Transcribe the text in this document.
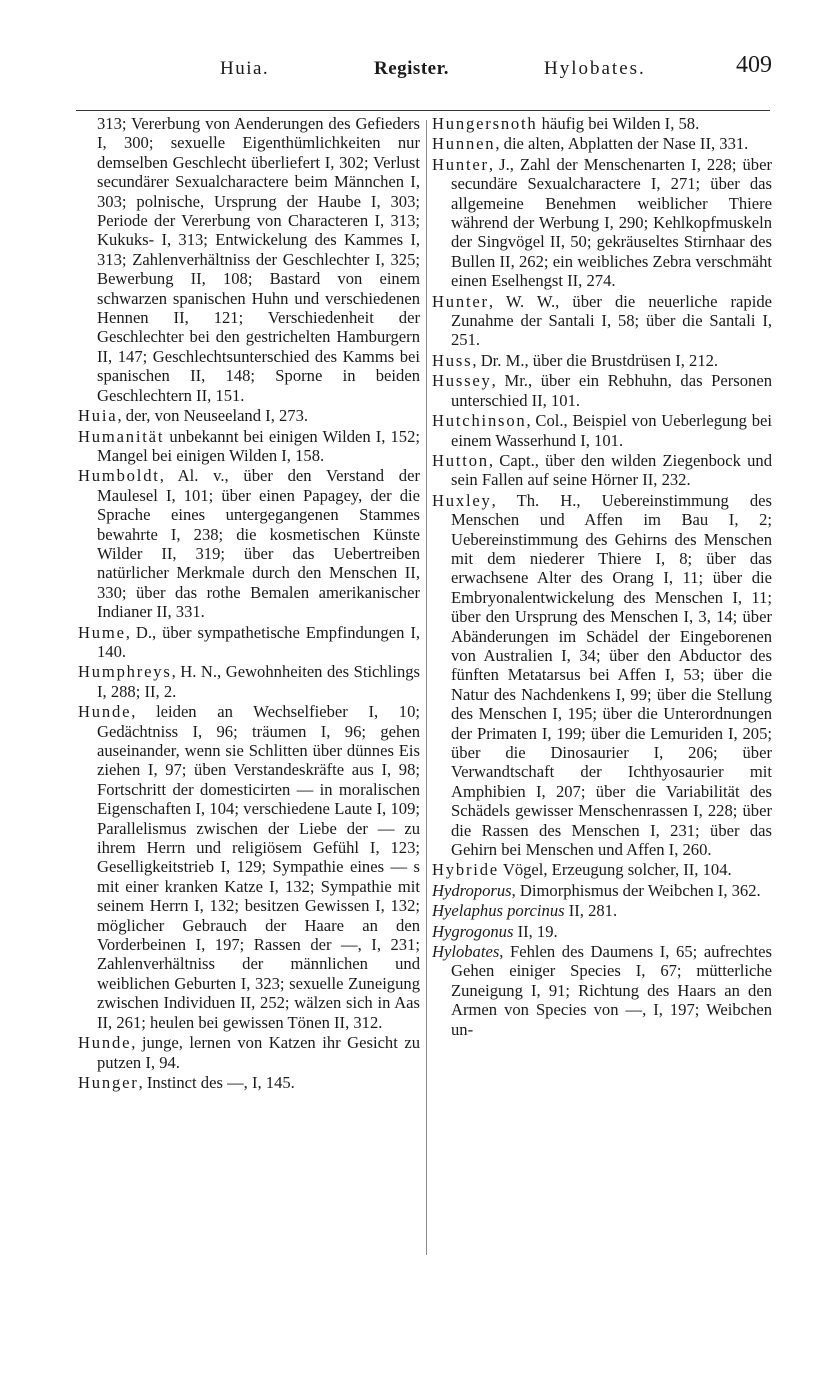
Huia.	Register.	Hylobates.	409

313; Vererbung von Aenderungen des Gefieders I, 300; sexuelle Eigenthümlichkeiten nur demselben Geschlecht überliefert I, 302; Verlust secundärer Sexualcharactere beim Männchen I, 303; polnische, Ursprung der Haube I, 303; Periode der Vererbung von Characteren I, 313; Kukuks- I, 313; Entwickelung des Kammes I, 313; Zahlenverhältniss der Geschlechter I, 325; Bewerbung II, 108; Bastard von einem schwarzen spanischen Huhn und verschiedenen Hennen II, 121; Verschiedenheit der Geschlechter bei den gestrichelten Hamburgern II, 147; Geschlechtsunterschied des Kamms bei spanischen II, 148; Sporne in beiden Geschlechtern II, 151.

Huia, der, von Neuseeland I, 273.

Humanität unbekannt bei einigen Wilden I, 152; Mangel bei einigen Wilden I, 158.

Humboldt, Al. v., über den Verstand der Maulesel I, 101; über einen Papagey, der die Sprache eines untergegangenen Stammes bewahrte I, 238; die kosmetischen Künste Wilder II, 319; über das Uebertreiben natürlicher Merkmale durch den Menschen II, 330; über das rothe Bemalen amerikanischer Indianer II, 331.

Hume, D., über sympathetische Empfindungen I, 140.

Humphreys, H. N., Gewohnheiten des Stichlings I, 288; II, 2.

Hunde, leiden an Wechselfieber I, 10; Gedächtniss I, 96; träumen I, 96; gehen auseinander, wenn sie Schlitten über dünnes Eis ziehen I, 97; üben Verstandeskräfte aus I, 98; Fortschritt der domesticirten — in moralischen Eigenschaften I, 104; verschiedene Laute I, 109; Parallelismus zwischen der Liebe der — zu ihrem Herrn und religiösem Gefühl I, 123; Geselligkeitstrieb I, 129; Sympathie eines — s mit einer kranken Katze I, 132; Sympathie mit seinem Herrn I, 132; besitzen Gewissen I, 132; möglicher Gebrauch der Haare an den Vorderbeinen I, 197; Rassen der —, I, 231; Zahlenverhältniss der männlichen und weiblichen Geburten I, 323; sexuelle Zuneigung zwischen Individuen II, 252; wälzen sich in Aas II, 261; heulen bei gewissen Tönen II, 312.

Hunde, junge, lernen von Katzen ihr Gesicht zu putzen I, 94.

Hunger, Instinct des —, I, 145.

Hungersnoth häufig bei Wilden I, 58.

Hunnen, die alten, Abplatten der Nase II, 331.

Hunter, J., Zahl der Menschenarten I, 228; über secundäre Sexualcharactere I, 271; über das allgemeine Benehmen weiblicher Thiere während der Werbung I, 290; Kehlkopfmuskeln der Singvögel II, 50; gekräuseltes Stirnhaar des Bullen II, 262; ein weibliches Zebra verschmäht einen Eselhengst II, 274.

Hunter, W. W., über die neuerliche rapide Zunahme der Santali I, 58; über die Santali I, 251.

Huss, Dr. M., über die Brustdrüsen I, 212.

Hussey, Mr., über ein Rebhuhn, das Personen unterschied II, 101.

Hutchinson, Col., Beispiel von Ueberlegung bei einem Wasserhund I, 101.

Hutton, Capt., über den wilden Ziegenbock und sein Fallen auf seine Hörner II, 232.

Huxley, Th. H., Uebereinstimmung des Menschen und Affen im Bau I, 2; Uebereinstimmung des Gehirns des Menschen mit dem niederer Thiere I, 8; über das erwachsene Alter des Orang I, 11; über die Embryonalentwickelung des Menschen I, 11; über den Ursprung des Menschen I, 3, 14; über Abänderungen im Schädel der Eingeborenen von Australien I, 34; über den Abductor des fünften Metatarsus bei Affen I, 53; über die Natur des Nachdenkens I, 99; über die Stellung des Menschen I, 195; über die Unterordnungen der Primaten I, 199; über die Lemuriden I, 205; über die Dinosaurier I, 206; über Verwandtschaft der Ichthyosaurier mit Amphibien I, 207; über die Variabilität des Schädels gewisser Menschenrassen I, 228; über die Rassen des Menschen I, 231; über das Gehirn bei Menschen und Affen I, 260.

Hybride Vögel, Erzeugung solcher, II, 104.

Hydroporus, Dimorphismus der Weibchen I, 362.

Hyelaphus porcinus II, 281.

Hygrogonus II, 19.

Hylobates, Fehlen des Daumens I, 65; aufrechtes Gehen einiger Species I, 67; mütterliche Zuneigung I, 91; Richtung des Haars an den Armen von Species von —, I, 197; Weibchen un-
